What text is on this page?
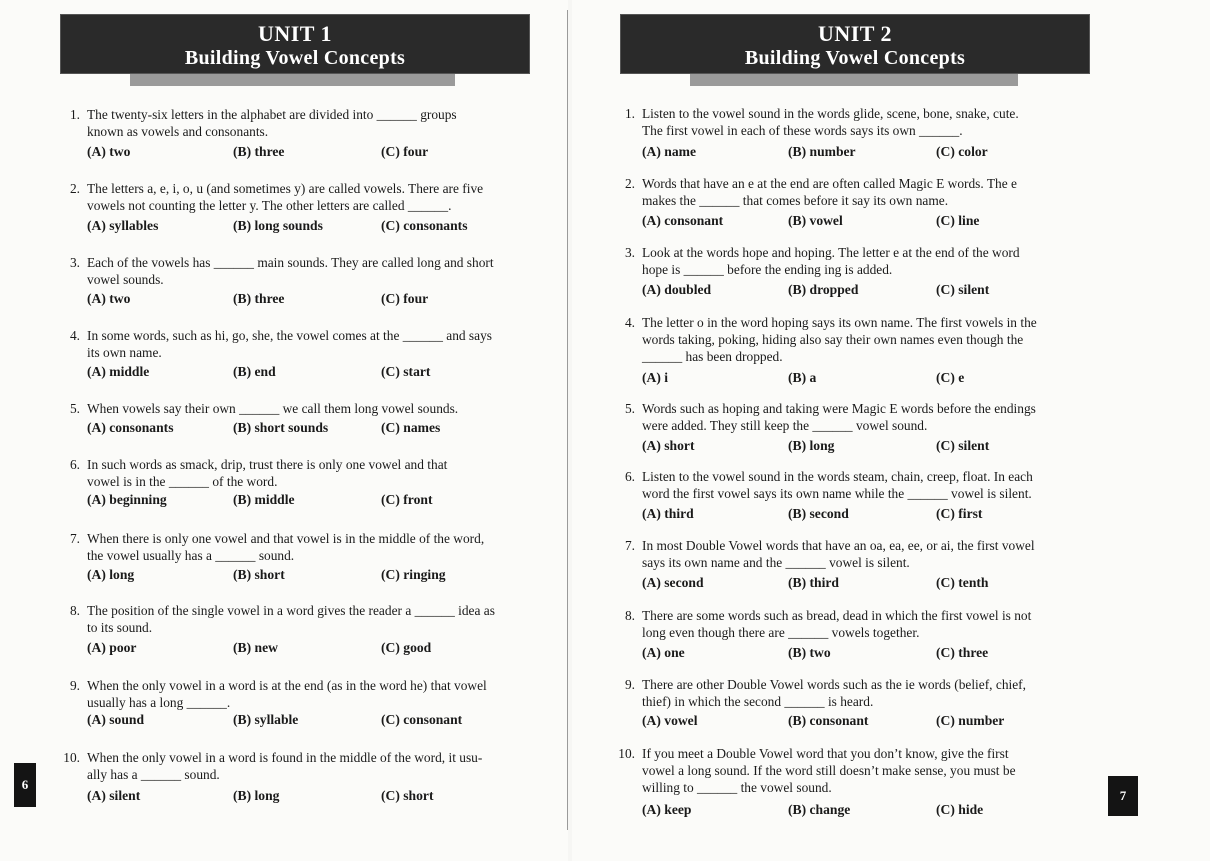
UNIT 1
Building Vowel Concepts
1. The twenty-six letters in the alphabet are divided into ______ groups
known as vowels and consonants.
(A) two	(B) three	(C) four
2. The letters a, e, i, o, u (and sometimes y) are called vowels. There are five
vowels not counting the letter y. The other letters are called ______.
(A) syllables	(B) long sounds	(C) consonants
3. Each of the vowels has ______ main sounds. They are called long and short
vowel sounds.
(A) two	(B) three	(C) four
4. In some words, such as hi, go, she, the vowel comes at the ______ and says
its own name.
(A) middle	(B) end	(C) start
5. When vowels say their own ______ we call them long vowel sounds.
(A) consonants	(B) short sounds	(C) names
6. In such words as smack, drip, trust there is only one vowel and that
vowel is in the ______ of the word.
(A) beginning	(B) middle	(C) front
7. When there is only one vowel and that vowel is in the middle of the word,
the vowel usually has a ______ sound.
(A) long	(B) short	(C) ringing
8. The position of the single vowel in a word gives the reader a ______ idea as
to its sound.
(A) poor	(B) new	(C) good
9. When the only vowel in a word is at the end (as in the word he) that vowel
usually has a long ______.
(A) sound	(B) syllable	(C) consonant
10. When the only vowel in a word is found in the middle of the word, it usu-
ally has a ______ sound.
(A) silent	(B) long	(C) short
6
UNIT 2
Building Vowel Concepts
1. Listen to the vowel sound in the words glide, scene, bone, snake, cute.
The first vowel in each of these words says its own ______.
(A) name	(B) number	(C) color
2. Words that have an e at the end are often called Magic E words. The e
makes the ______ that comes before it say its own name.
(A) consonant	(B) vowel	(C) line
3. Look at the words hope and hoping. The letter e at the end of the word
hope is ______ before the ending ing is added.
(A) doubled	(B) dropped	(C) silent
4. The letter o in the word hoping says its own name. The first vowels in the
words taking, poking, hiding also say their own names even though the
______ has been dropped.
(A) i	(B) a	(C) e
5. Words such as hoping and taking were Magic E words before the endings
were added. They still keep the ______ vowel sound.
(A) short	(B) long	(C) silent
6. Listen to the vowel sound in the words steam, chain, creep, float. In each
word the first vowel says its own name while the ______ vowel is silent.
(A) third	(B) second	(C) first
7. In most Double Vowel words that have an oa, ea, ee, or ai, the first vowel
says its own name and the ______ vowel is silent.
(A) second	(B) third	(C) tenth
8. There are some words such as bread, dead in which the first vowel is not
long even though there are ______ vowels together.
(A) one	(B) two	(C) three
9. There are other Double Vowel words such as the ie words (belief, chief,
thief) in which the second ______ is heard.
(A) vowel	(B) consonant	(C) number
10. If you meet a Double Vowel word that you don’t know, give the first
vowel a long sound. If the word still doesn’t make sense, you must be
willing to ______ the vowel sound.
(A) keep	(B) change	(C) hide
7
